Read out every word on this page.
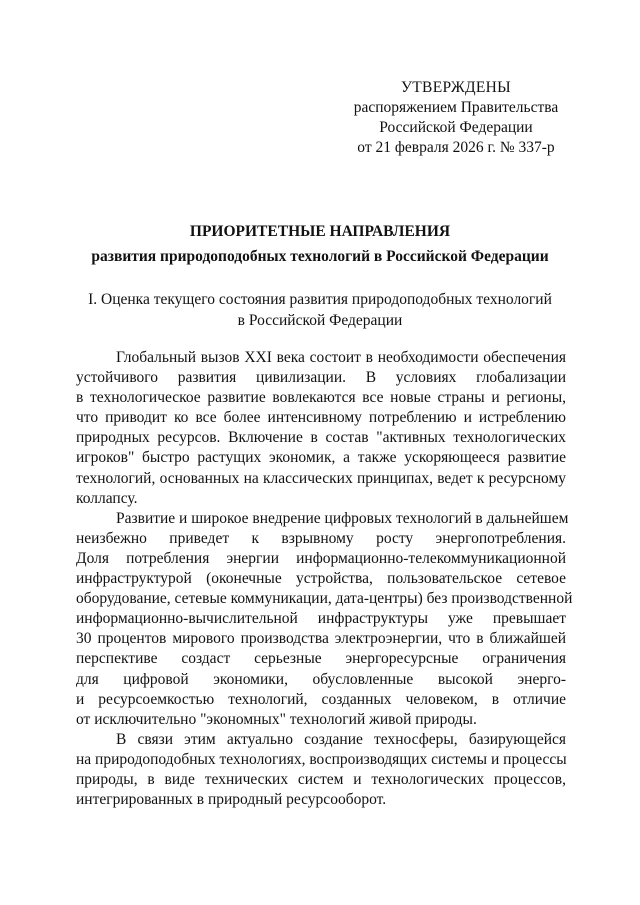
УТВЕРЖДЕНЫ
распоряжением Правительства
Российской Федерации
от 21 февраля 2026 г. № 337-р
ПРИОРИТЕТНЫЕ НАПРАВЛЕНИЯ
развития природоподобных технологий в Российской Федерации
I. Оценка текущего состояния развития природоподобных технологий
в Российской Федерации
Глобальный вызов XXI века состоит в необходимости обеспечения
устойчивого развития цивилизации. В условиях глобализации
в технологическое развитие вовлекаются все новые страны и регионы,
что приводит ко все более интенсивному потреблению и истреблению
природных ресурсов. Включение в состав "активных технологических
игроков" быстро растущих экономик, а также ускоряющееся развитие
технологий, основанных на классических принципах, ведет к ресурсному
коллапсу.
Развитие и широкое внедрение цифровых технологий в дальнейшем
неизбежно приведет к взрывному росту энергопотребления.
Доля потребления энергии информационно-телекоммуникационной
инфраструктурой (оконечные устройства, пользовательское сетевое
оборудование, сетевые коммуникации, дата-центры) без производственной
информационно-вычислительной инфраструктуры уже превышает
30 процентов мирового производства электроэнергии, что в ближайшей
перспективе создаст серьезные энергоресурсные ограничения
для цифровой экономики, обусловленные высокой энерго-
и ресурсоемкостью технологий, созданных человеком, в отличие
от исключительно "экономных" технологий живой природы.
В связи этим актуально создание техносферы, базирующейся
на природоподобных технологиях, воспроизводящих системы и процессы
природы, в виде технических систем и технологических процессов,
интегрированных в природный ресурсооборот.
